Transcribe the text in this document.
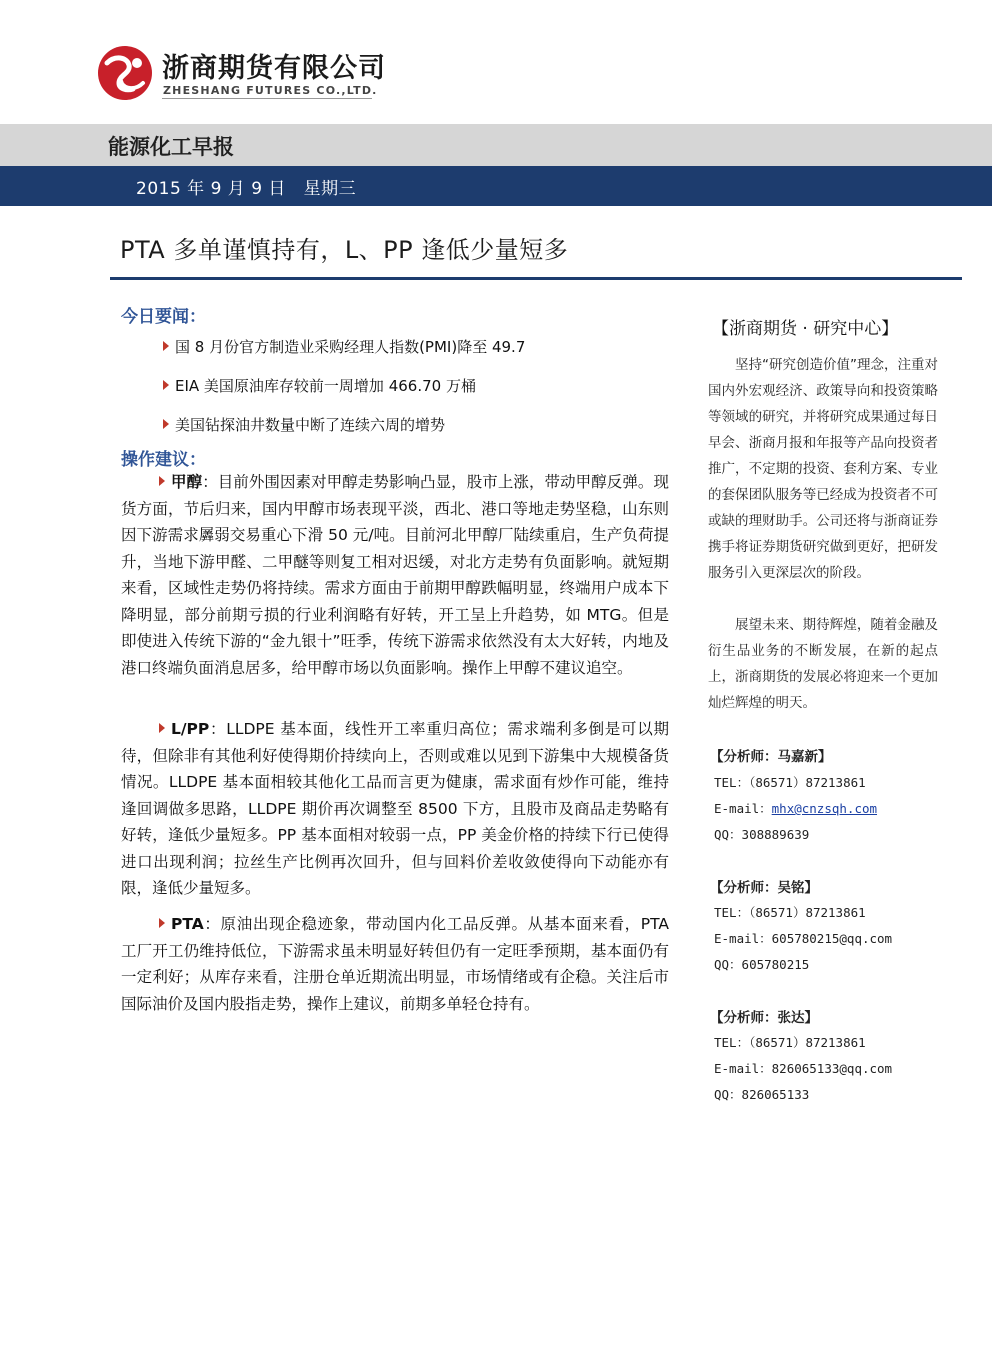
浙商期货有限公司
ZHESHANG FUTURES CO.,LTD.
能源化工早报
2015 年 9 月 9 日   星期三
PTA 多单谨慎持有，L、PP 逢低少量短多
今日要闻：
国 8 月份官方制造业采购经理人指数(PMI)降至 49.7
EIA 美国原油库存较前一周增加 466.70 万桶
美国钻探油井数量中断了连续六周的增势
操作建议：
甲醇：目前外围因素对甲醇走势影响凸显，股市上涨，带动甲醇反弹。现货方面，节后归来，国内甲醇市场表现平淡，西北、港口等地走势坚稳，山东则因下游需求羼弱交易重心下滑 50 元/吨。目前河北甲醇厂陆续重启，生产负荷提升，当地下游甲醛、二甲醚等则复工相对迟缓，对北方走势有负面影响。就短期来看，区域性走势仍将持续。需求方面由于前期甲醇跌幅明显，终端用户成本下降明显，部分前期亏损的行业利润略有好转，开工呈上升趋势，如 MTG。但是即使进入传统下游的“金九银十”旺季，传统下游需求依然没有太大好转，内地及港口终端负面消息居多，给甲醇市场以负面影响。操作上甲醇不建议追空。
L/PP：LLDPE 基本面，线性开工率重归高位；需求端利多倒是可以期待，但除非有其他利好使得期价持续向上，否则或难以见到下游集中大规模备货情况。LLDPE 基本面相较其他化工品而言更为健康，需求面有炒作可能，维持逢回调做多思路，LLDPE 期价再次调整至 8500 下方，且股市及商品走势略有好转，逢低少量短多。PP 基本面相对较弱一点，PP 美金价格的持续下行已使得进口出现利润；拉丝生产比例再次回升，但与回料价差收敛使得向下动能亦有限，逢低少量短多。
PTA：原油出现企稳迹象，带动国内化工品反弹。从基本面来看，PTA 工厂开工仍维持低位，下游需求虽未明显好转但仍有一定旺季预期，基本面仍有一定利好；从库存来看，注册仓单近期流出明显，市场情绪或有企稳。关注后市国际油价及国内股指走势，操作上建议，前期多单轻仓持有。
【浙商期货 · 研究中心】
坚持“研究创造价值”理念，注重对国内外宏观经济、政策导向和投资策略等领域的研究，并将研究成果通过每日早会、浙商月报和年报等产品向投资者推广，不定期的投资、套利方案、专业的套保团队服务等已经成为投资者不可或缺的理财助手。公司还将与浙商证券携手将证券期货研究做到更好，把研发服务引入更深层次的阶段。
展望未来、期待辉煌，随着金融及衍生品业务的不断发展，在新的起点上，浙商期货的发展必将迎来一个更加灿烂辉煌的明天。
【分析师：马嘉新】
TEL：（86571）87213861
E-mail：mhx@cnzsqh.com
QQ：308889639
【分析师：吴铭】
TEL：（86571）87213861
E-mail：605780215@qq.com
QQ：605780215
【分析师：张达】
TEL：（86571）87213861
E-mail：826065133@qq.com
QQ：826065133
